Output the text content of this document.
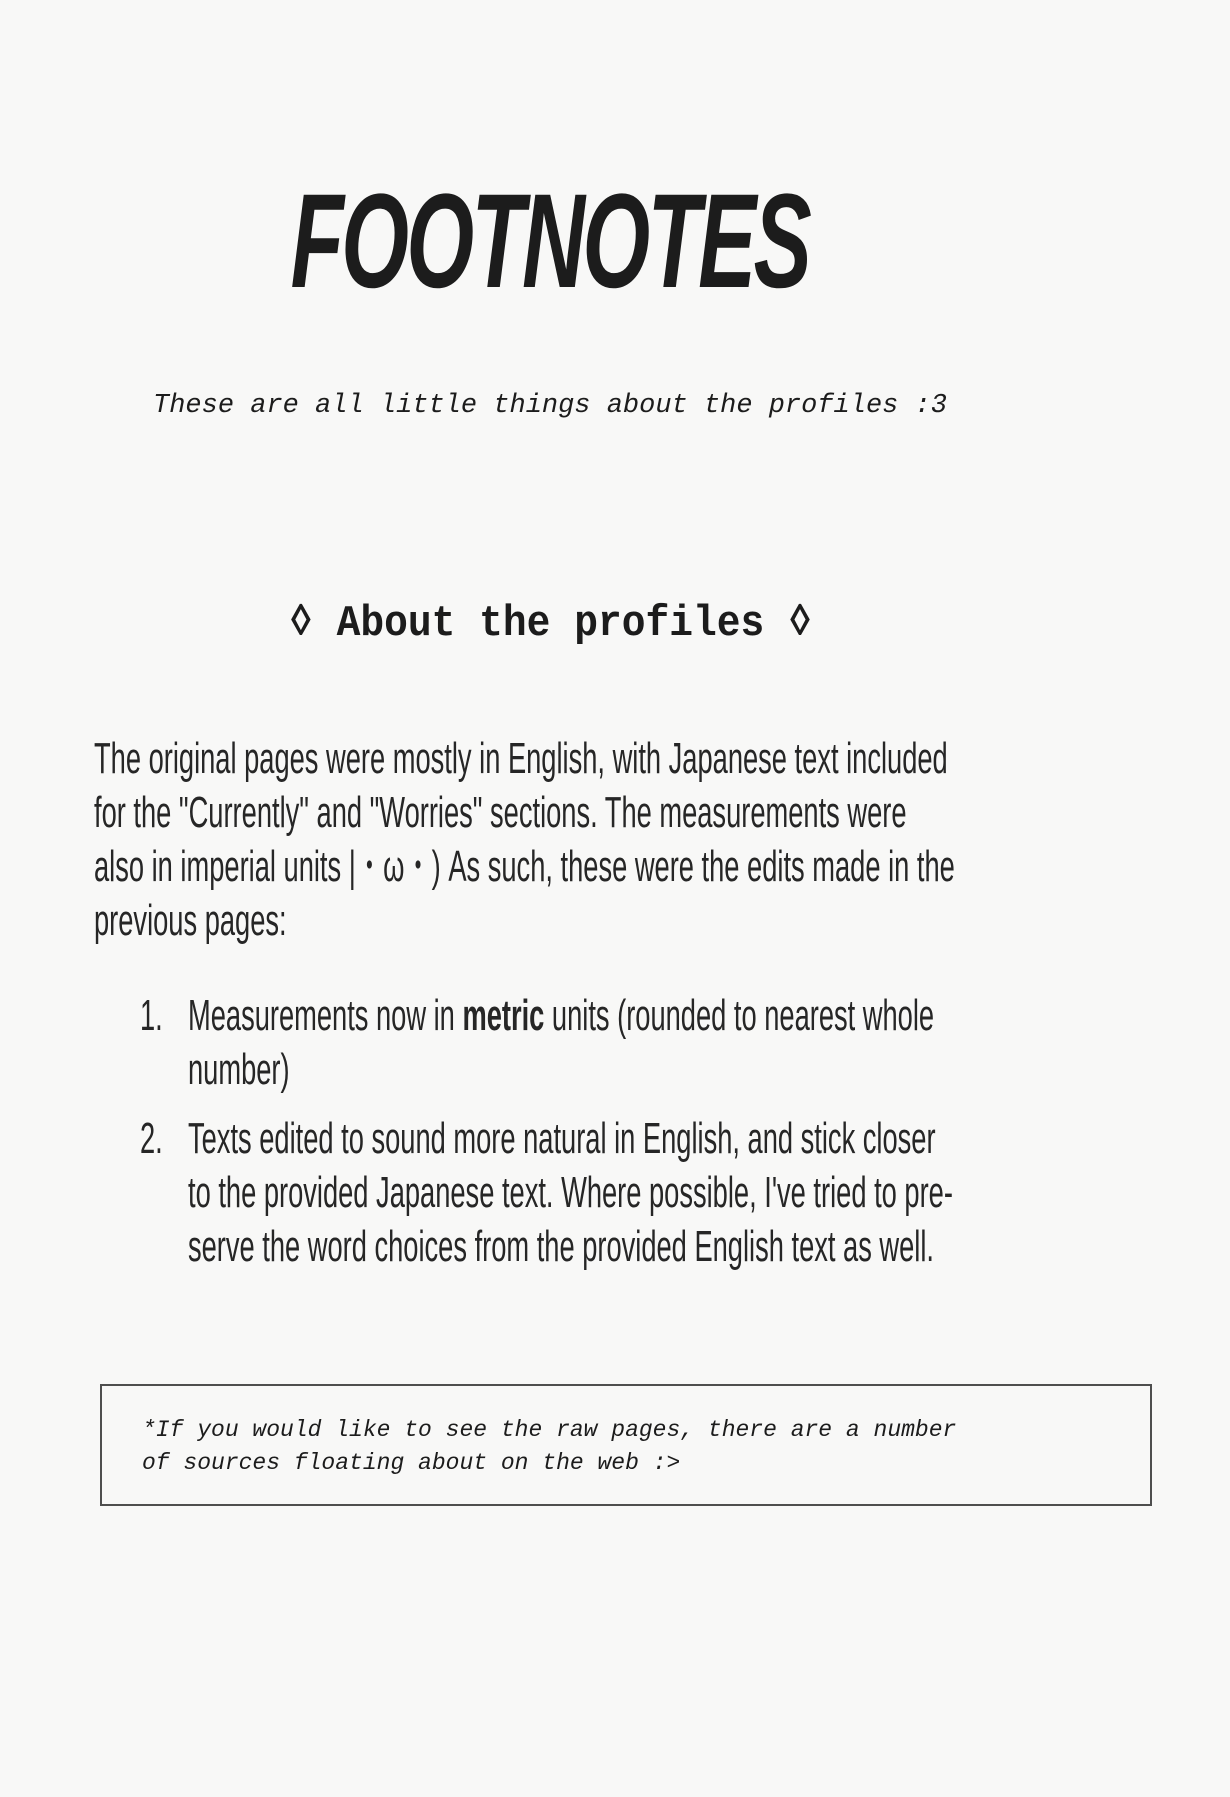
FOOTNOTES
These are all little things about the profiles :3
◊ About the profiles ◊
The original pages were mostly in English, with Japanese text included
for the "Currently" and "Worries" sections. The measurements were
also in imperial units |・ω・) As such, these were the edits made in the
previous pages:
1. Measurements now in metric units (rounded to nearest whole
number)
2. Texts edited to sound more natural in English, and stick closer
to the provided Japanese text. Where possible, I've tried to pre-
serve the word choices from the provided English text as well.
*If you would like to see the raw pages, there are a number
of sources floating about on the web :>
